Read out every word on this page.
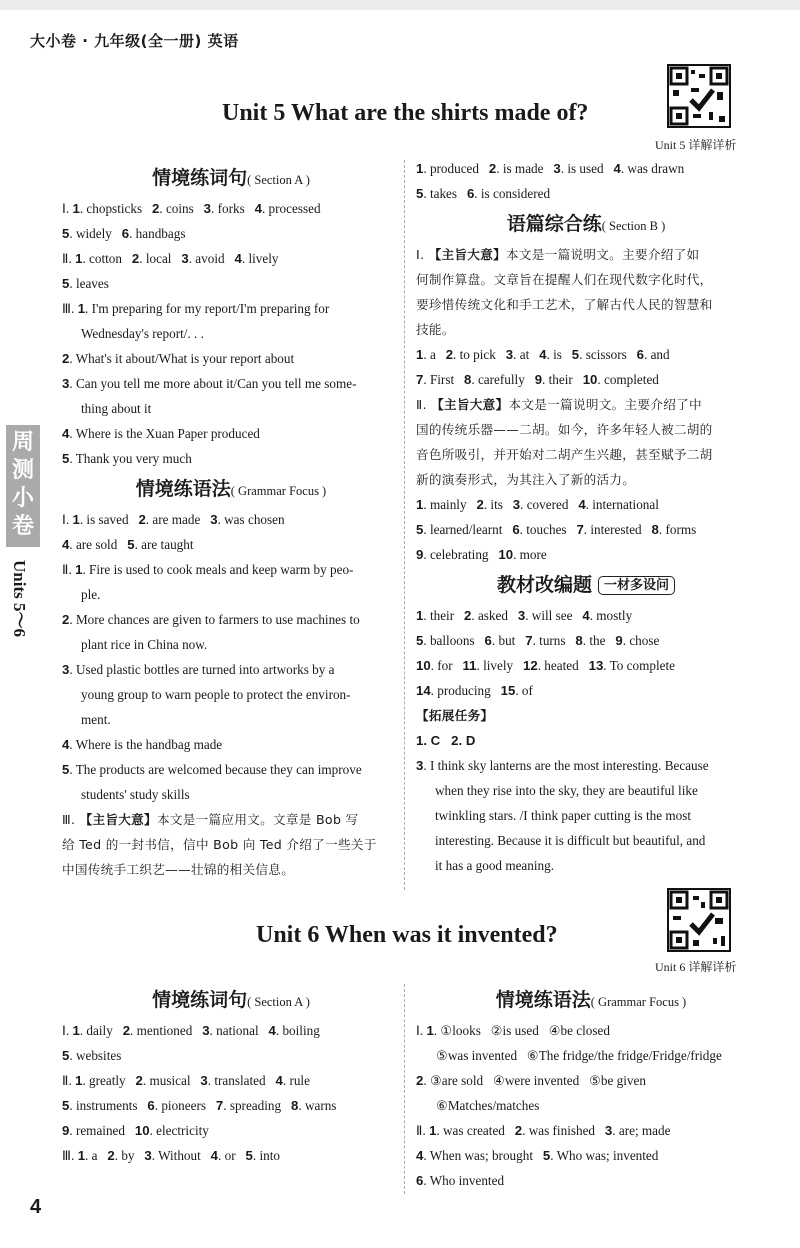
大小卷 · 九年级(全一册) 英语
周
测
小
卷
Units 5～6
Unit 5 What are the shirts made of?
Unit 5 详解详析
情境练词句( Section A )
Ⅰ. 1. chopsticks   2. coins   3. forks   4. processed
5. widely   6. handbags
Ⅱ. 1. cotton   2. local   3. avoid   4. lively
5. leaves
Ⅲ. 1. I'm preparing for my report/I'm preparing for
Wednesday's report/. . .
2. What's it about/What is your report about
3. Can you tell me more about it/Can you tell me some-
thing about it
4. Where is the Xuan Paper produced
5. Thank you very much
情境练语法( Grammar Focus )
Ⅰ. 1. is saved   2. are made   3. was chosen
4. are sold   5. are taught
Ⅱ. 1. Fire is used to cook meals and keep warm by peo-
ple.
2. More chances are given to farmers to use machines to
plant rice in China now.
3. Used plastic bottles are turned into artworks by a
young group to warn people to protect the environ-
ment.
4. Where is the handbag made
5. The products are welcomed because they can improve
students' study skills
Ⅲ. 【主旨大意】本文是一篇应用文。文章是 Bob 写
给 Ted 的一封书信，信中 Bob 向 Ted 介绍了一些关于
中国传统手工织艺——壮锦的相关信息。
1. produced   2. is made   3. is used   4. was drawn
5. takes   6. is considered
语篇综合练( Section B )
Ⅰ. 【主旨大意】本文是一篇说明文。主要介绍了如
何制作算盘。文章旨在提醒人们在现代数字化时代，
要珍惜传统文化和手工艺术，了解古代人民的智慧和
技能。
1. a   2. to pick   3. at   4. is   5. scissors   6. and
7. First   8. carefully   9. their   10. completed
Ⅱ. 【主旨大意】本文是一篇说明文。主要介绍了中
国的传统乐器——二胡。如今，许多年轻人被二胡的
音色所吸引，并开始对二胡产生兴趣，甚至赋予二胡
新的演奏形式，为其注入了新的活力。
1. mainly   2. its   3. covered   4. international
5. learned/learnt   6. touches   7. interested   8. forms
9. celebrating   10. more
教材改编题 一材多设问
1. their   2. asked   3. will see   4. mostly
5. balloons   6. but   7. turns   8. the   9. chose
10. for   11. lively   12. heated   13. To complete
14. producing   15. of
【拓展任务】
1. C   2. D
3. I think sky lanterns are the most interesting. Because
when they rise into the sky, they are beautiful like
twinkling stars. /I think paper cutting is the most
interesting. Because it is difficult but beautiful, and
it has a good meaning.
Unit 6 When was it invented?
Unit 6 详解详析
情境练词句( Section A )
Ⅰ. 1. daily   2. mentioned   3. national   4. boiling
5. websites
Ⅱ. 1. greatly   2. musical   3. translated   4. rule
5. instruments   6. pioneers   7. spreading   8. warns
9. remained   10. electricity
Ⅲ. 1. a   2. by   3. Without   4. or   5. into
情境练语法( Grammar Focus )
Ⅰ. 1. ①looks   ②is used   ④be closed
⑤was invented   ⑥The fridge/the fridge/Fridge/fridge
2. ③are sold   ④were invented   ⑤be given
⑥Matches/matches
Ⅱ. 1. was created   2. was finished   3. are; made
4. When was; brought   5. Who was; invented
6. Who invented
4
